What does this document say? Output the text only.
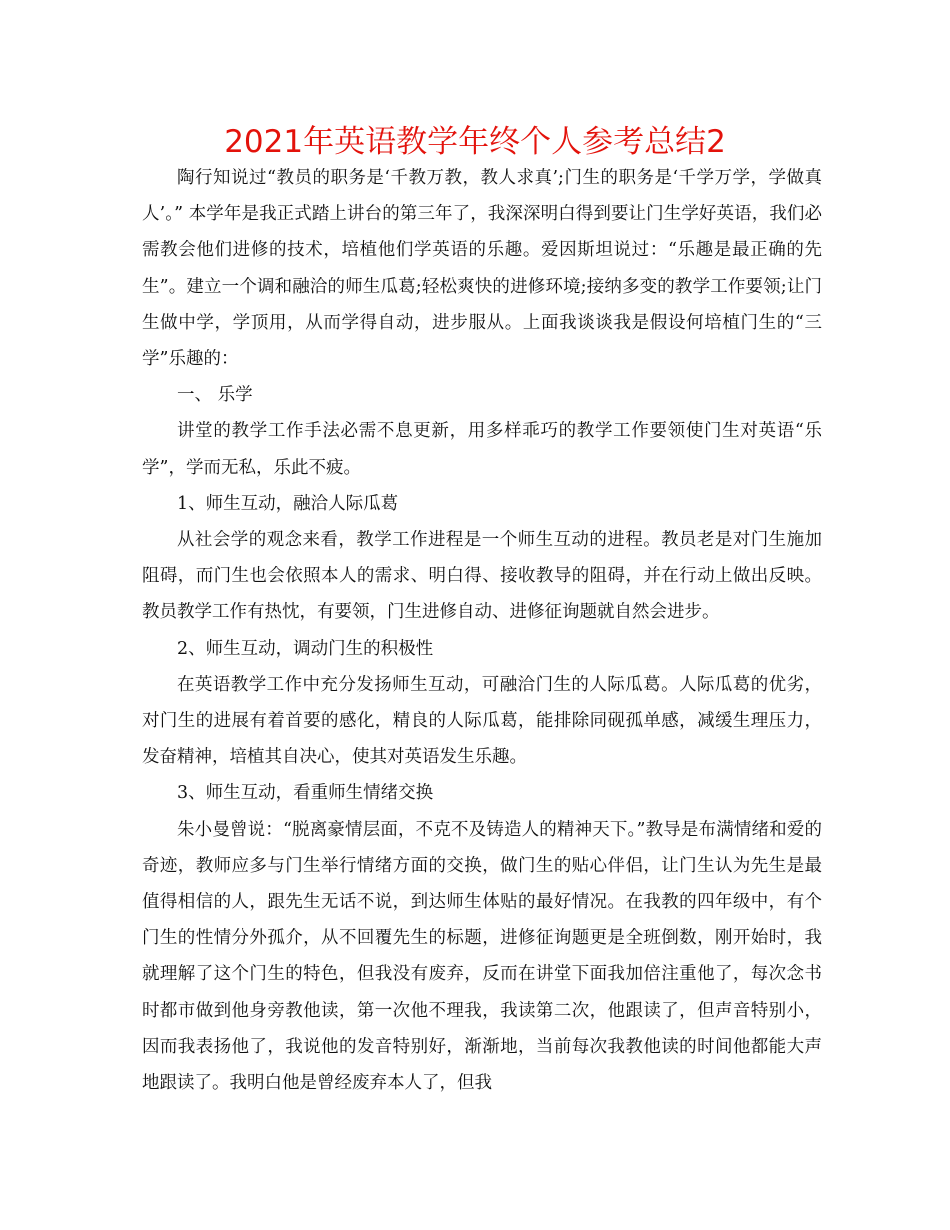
2021年英语教学年终个人参考总结2

陶行知说过“教员的职务是‘千教万教，教人求真’;门生的职务是‘千学万学，学做真人’。” 本学年是我正式踏上讲台的第三年了，我深深明白得到要让门生学好英语，我们必需教会他们进修的技术，培植他们学英语的乐趣。爱因斯坦说过：“乐趣是最正确的先生”。建立一个调和融洽的师生瓜葛;轻松爽快的进修环境;接纳多变的教学工作要领;让门生做中学，学顶用，从而学得自动，进步服从。上面我谈谈我是假设何培植门生的“三学”乐趣的：

一、 乐学

讲堂的教学工作手法必需不息更新，用多样乖巧的教学工作要领使门生对英语“乐学”，学而无私，乐此不疲。

1、师生互动，融洽人际瓜葛

从社会学的观念来看，教学工作进程是一个师生互动的进程。教员老是对门生施加阻碍，而门生也会依照本人的需求、明白得、接收教导的阻碍，并在行动上做出反映。教员教学工作有热忱，有要领，门生进修自动、进修征询题就自然会进步。

2、师生互动，调动门生的积极性

在英语教学工作中充分发扬师生互动，可融洽门生的人际瓜葛。人际瓜葛的优劣，对门生的进展有着首要的感化，精良的人际瓜葛，能排除同砚孤单感，减缓生理压力，发奋精神，培植其自决心，使其对英语发生乐趣。

3、师生互动，看重师生情绪交换

朱小曼曾说：“脱离豪情层面，不克不及铸造人的精神天下。”教导是布满情绪和爱的奇迹，教师应多与门生举行情绪方面的交换，做门生的贴心伴侣，让门生认为先生是最值得相信的人，跟先生无话不说，到达师生体贴的最好情况。在我教的四年级中，有个门生的性情分外孤介，从不回覆先生的标题，进修征询题更是全班倒数，刚开始时，我就理解了这个门生的特色，但我没有废弃，反而在讲堂下面我加倍注重他了，每次念书时都市做到他身旁教他读，第一次他不理我，我读第二次，他跟读了，但声音特别小，因而我表扬他了，我说他的发音特别好，渐渐地，当前每次我教他读的时间他都能大声地跟读了。我明白他是曾经废弃本人了，但我
